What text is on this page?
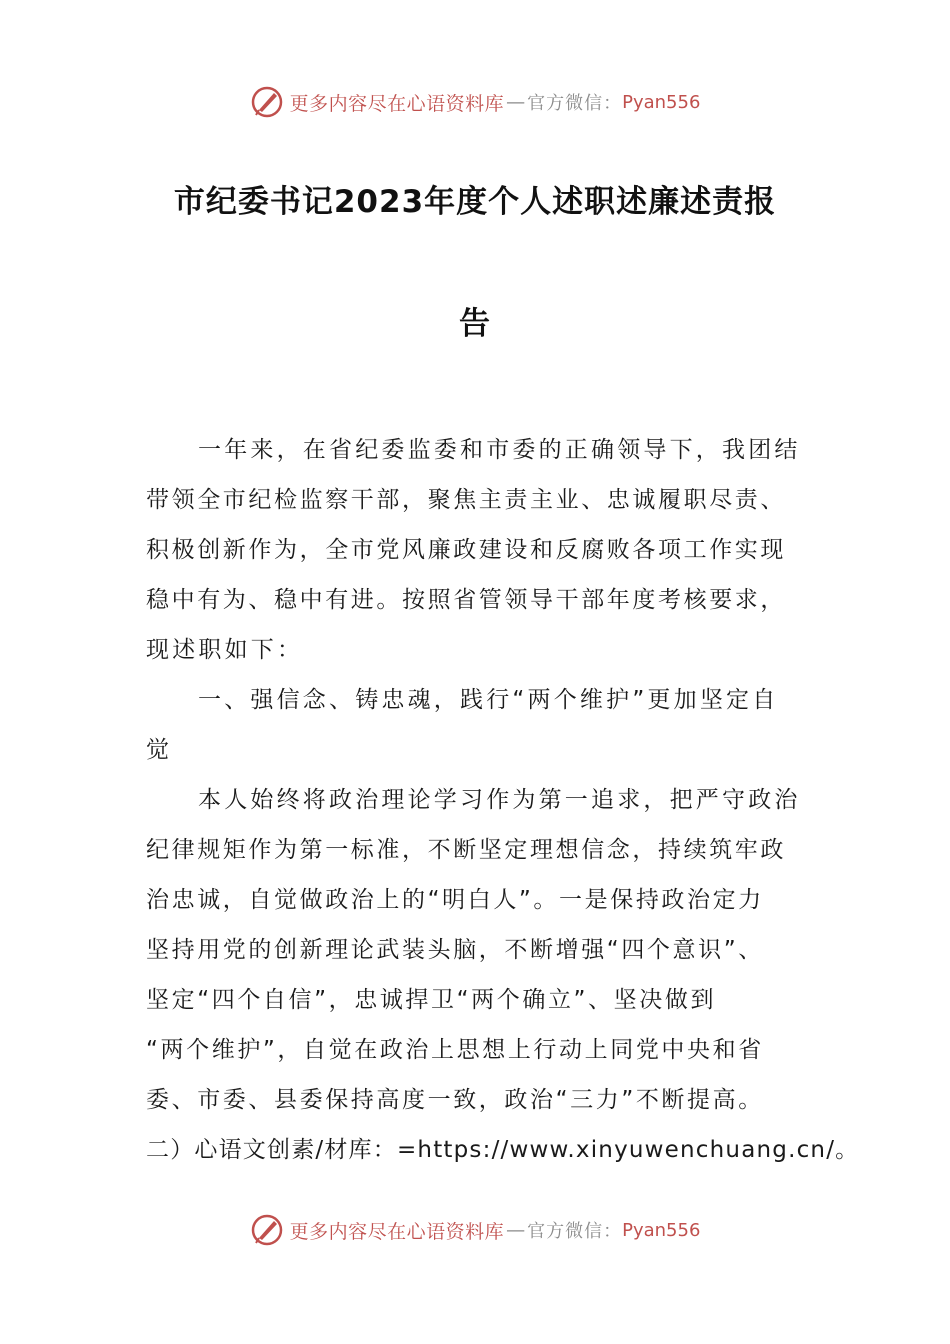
更多内容尽在心语资料库 — 官方微信： Pyan556
市纪委书记2023年度个人述职述廉述责报
告
一年来，在省纪委监委和市委的正确领导下，我团结
带领全市纪检监察干部，聚焦主责主业、忠诚履职尽责、
积极创新作为，全市党风廉政建设和反腐败各项工作实现
稳中有为、稳中有进。按照省管领导干部年度考核要求，
现述职如下：
一、强信念、铸忠魂，践行“两个维护”更加坚定自
觉
本人始终将政治理论学习作为第一追求，把严守政治
纪律规矩作为第一标准，不断坚定理想信念，持续筑牢政
治忠诚，自觉做政治上的“明白人”。一是保持政治定力
坚持用党的创新理论武装头脑，不断增强“四个意识”、
坚定“四个自信”，忠诚捍卫“两个确立”、坚决做到
“两个维护”，自觉在政治上思想上行动上同党中央和省
委、市委、县委保持高度一致，政治“三力”不断提高。
二）心语文创素/材库：=https://www.xinyuwenchuang.cn/。
更多内容尽在心语资料库 — 官方微信： Pyan556
